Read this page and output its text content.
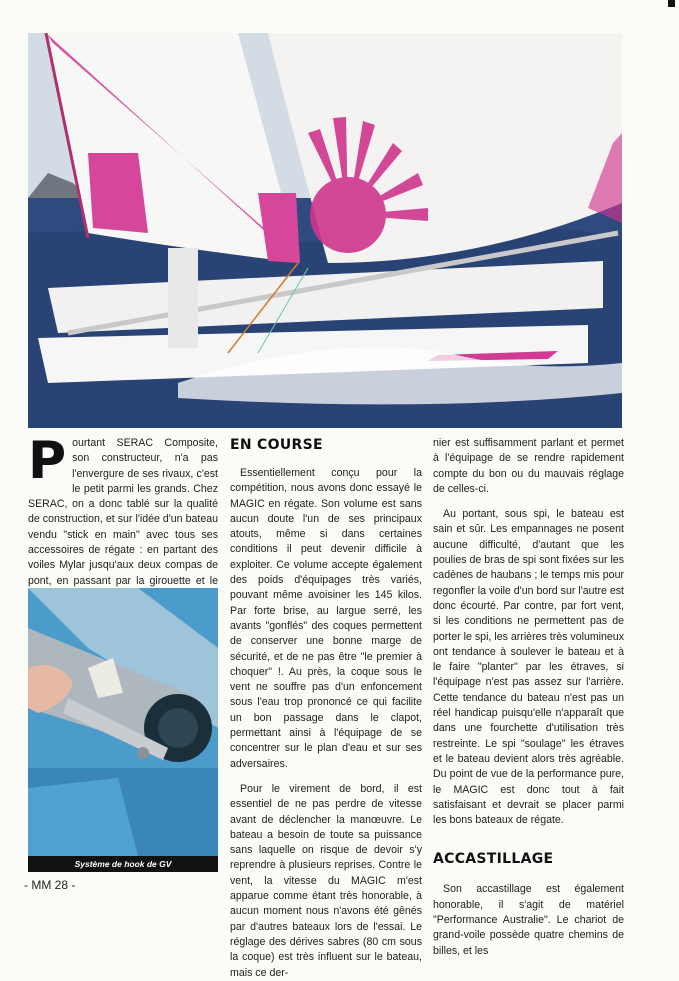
Pourtant SERAC Composite, son constructeur, n'a pas l'envergure de ses rivaux, c'est le petit parmi les grands. Chez SERAC, on a donc tablé sur la qualité de construction, et sur l'idée d'un bateau vendu "stick en main" avec tous ses accessoires de régate : en partant des voiles Mylar jusqu'aux deux compas de pont, en passant par la girouette et le

Système de hook de GV
EN COURSE

Essentiellement conçu pour la compétition, nous avons donc essayé le MAGIC en régate. Son volume est sans aucun doute l'un de ses principaux atouts, même si dans certaines conditions il peut devenir difficile à exploiter. Ce volume accepte également des poids d'équipages très variés, pouvant même avoisiner les 145 kilos. Par forte brise, au largue serré, les avants "gonflés" des coques permettent de conserver une bonne marge de sécurité, et de ne pas être "le premier à choquer" !. Au près, la coque sous le vent ne souffre pas d'un enfoncement sous l'eau trop prononcé ce qui facilite un bon passage dans le clapot, permettant ainsi à l'équipage de se concentrer sur le plan d'eau et sur ses adversaires.

Pour le virement de bord, il est essentiel de ne pas perdre de vitesse avant de déclencher la manœuvre. Le bateau a besoin de toute sa puissance sans laquelle on risque de devoir s'y reprendre à plusieurs reprises. Contre le vent, la vitesse du MAGIC m'est apparue comme étant très honorable, à aucun moment nous n'avons été gênés par d'autres bateaux lors de l'essai. Le réglage des dérives sabres (80 cm sous la coque) est très influent sur le bateau, mais ce der-

nier est suffisamment parlant et permet à l'équipage de se rendre rapidement compte du bon ou du mauvais réglage de celles-ci.

Au portant, sous spi, le bateau est sain et sûr. Les empannages ne posent aucune difficulté, d'autant que les poulies de bras de spi sont fixées sur les cadènes de haubans ; le temps mis pour regonfler la voile d'un bord sur l'autre est donc écourté. Par contre, par fort vent, si les conditions ne permettent pas de porter le spi, les arrières très volumineux ont tendance à soulever le bateau et à le faire "planter" par les étraves, si l'équipage n'est pas assez sur l'arrière. Cette tendance du bateau n'est pas un réel handicap puisqu'elle n'apparaît que dans une fourchette d'utilisation très restreinte. Le spi "soulage" les étraves et le bateau devient alors très agréable. Du point de vue de la performance pure, le MAGIC est donc tout à fait satisfaisant et devrait se placer parmi les bons bateaux de régate.

ACCASTILLAGE

Son accastillage est également honorable, il s'agit de matériel "Performance Australie". Le chariot de grand-voile possède quatre chemins de billes, et les

- MM 28 -
